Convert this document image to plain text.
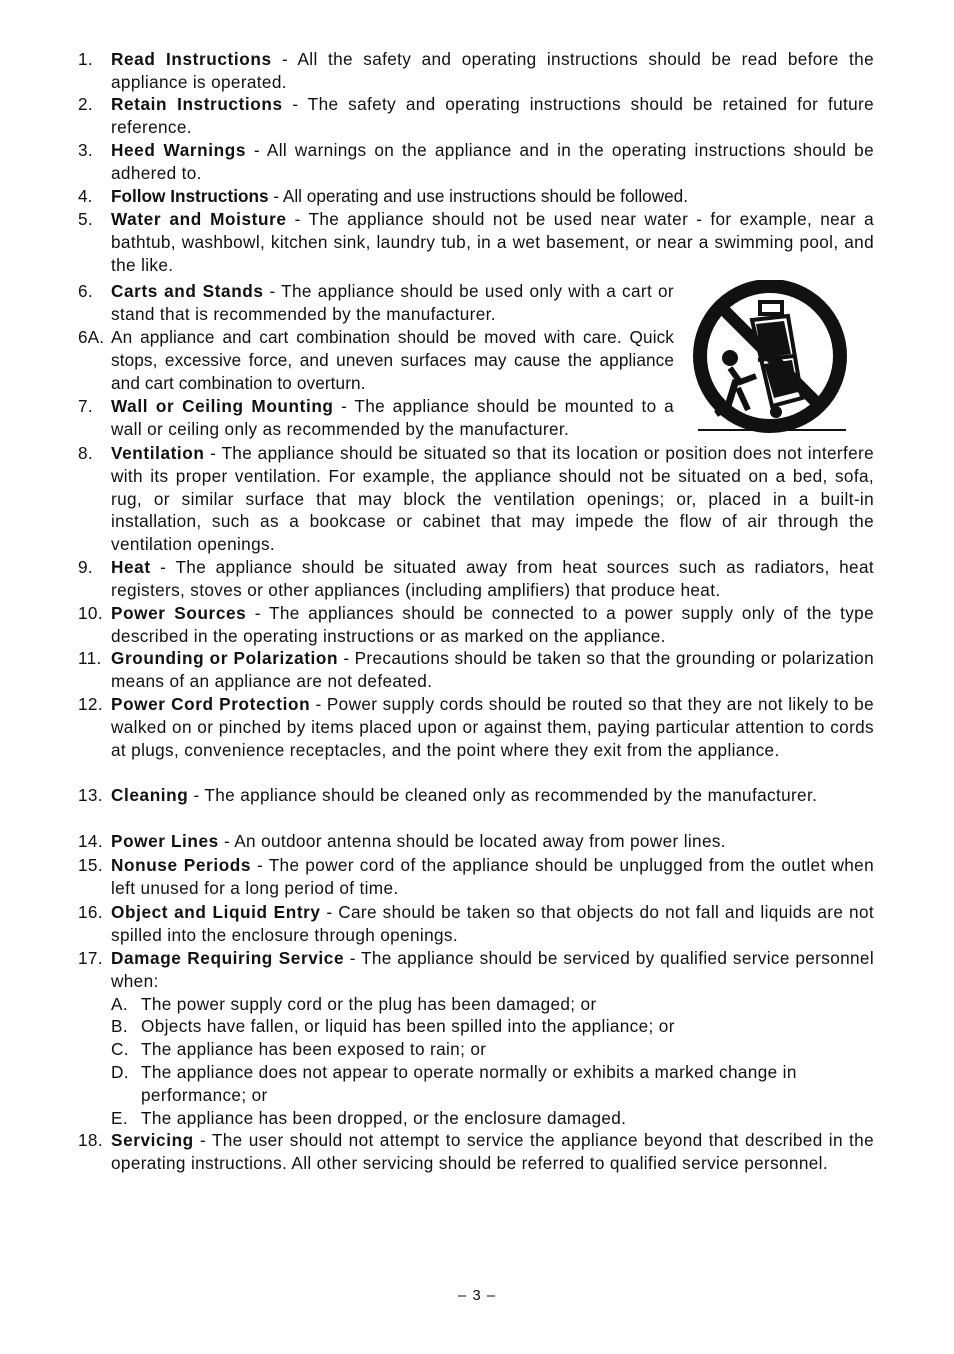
1.	Read Instructions - All the safety and operating instructions should be read before the appliance is operated.
2.	Retain Instructions - The safety and operating instructions should be retained for future reference.
3.	Heed Warnings - All warnings on the appliance and in the operating instructions should be adhered to.
4.	Follow Instructions - All operating and use instructions should be followed.
5.	Water and Moisture - The appliance should not be used near water - for example, near a bathtub, washbowl, kitchen sink, laundry tub, in a wet basement, or near a swimming pool, and the like.
6.	Carts and Stands - The appliance should be used only with a cart or stand that is recommended by the manufacturer.
6A. An appliance and cart combination should be moved with care. Quick stops, excessive force, and uneven surfaces may cause the appliance and cart combination to overturn.
7.	Wall or Ceiling Mounting - The appliance should be mounted to a wall or ceiling only as recommended by the manufacturer.
8.	Ventilation - The appliance should be situated so that its location or position does not interfere with its proper ventilation. For example, the appliance should not be situated on a bed, sofa, rug, or similar surface that may block the ventilation openings; or, placed in a built-in installation, such as a bookcase or cabinet that may impede the flow of air through the ventilation openings.
9.	Heat - The appliance should be situated away from heat sources such as radiators, heat registers, stoves or other appliances (including amplifiers) that produce heat.
10. Power Sources - The appliances should be connected to a power supply only of the type described in the operating instructions or as marked on the appliance.
11. Grounding or Polarization - Precautions should be taken so that the grounding or polarization means of an appliance are not defeated.
12. Power Cord Protection - Power supply cords should be routed so that they are not likely to be walked on or pinched by items placed upon or against them, paying particular attention to cords at plugs, convenience receptacles, and the point where they exit from the appliance.
13. Cleaning - The appliance should be cleaned only as recommended by the manufacturer.
14. Power Lines - An outdoor antenna should be located away from power lines.
15. Nonuse Periods - The power cord of the appliance should be unplugged from the outlet when left unused for a long period of time.
16. Object and Liquid Entry - Care should be taken so that objects do not fall and liquids are not spilled into the enclosure through openings.
17. Damage Requiring Service - The appliance should be serviced by qualified service personnel when:
A. The power supply cord or the plug has been damaged; or
B. Objects have fallen, or liquid has been spilled into the appliance; or
C. The appliance has been exposed to rain; or
D. The appliance does not appear to operate normally or exhibits a marked change in performance; or
E. The appliance has been dropped, or the enclosure damaged.
18. Servicing - The user should not attempt to service the appliance beyond that described in the operating instructions. All other servicing should be referred to qualified service personnel.
– 3 –
